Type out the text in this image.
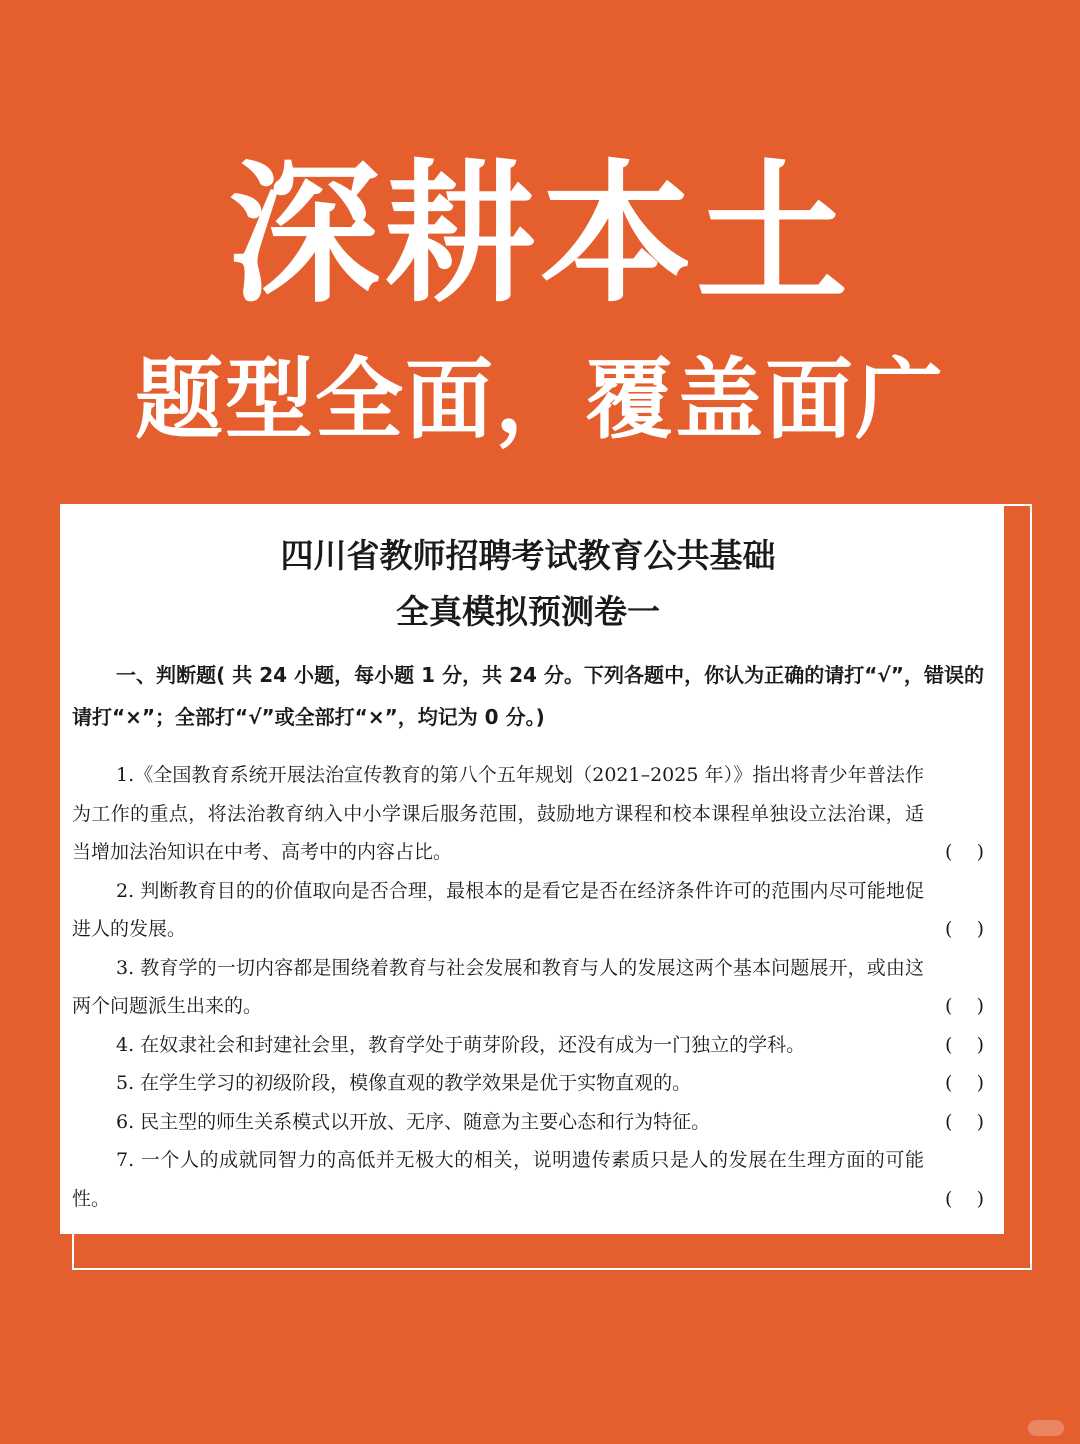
深耕本土
题型全面，覆盖面广
四川省教师招聘考试教育公共基础
全真模拟预测卷一
一、判断题( 共 24 小题，每小题 1 分，共 24 分。下列各题中，你认为正确的请打“√”，错误的请打“×”；全部打“√”或全部打“×”，均记为 0 分。)
1.《全国教育系统开展法治宣传教育的第八个五年规划（2021–2025 年）》指出将青少年普法作为工作的重点，将法治教育纳入中小学课后服务范围，鼓励地方课程和校本课程单独设立法治课，适当增加法治知识在中考、高考中的内容占比。	(    )
2. 判断教育目的的价值取向是否合理，最根本的是看它是否在经济条件许可的范围内尽可能地促进人的发展。	(    )
3. 教育学的一切内容都是围绕着教育与社会发展和教育与人的发展这两个基本问题展开，或由这两个问题派生出来的。	(    )
4. 在奴隶社会和封建社会里，教育学处于萌芽阶段，还没有成为一门独立的学科。	(    )
5. 在学生学习的初级阶段，模像直观的教学效果是优于实物直观的。	(    )
6. 民主型的师生关系模式以开放、无序、随意为主要心态和行为特征。	(    )
7. 一个人的成就同智力的高低并无极大的相关，说明遗传素质只是人的发展在生理方面的可能性。	(    )
